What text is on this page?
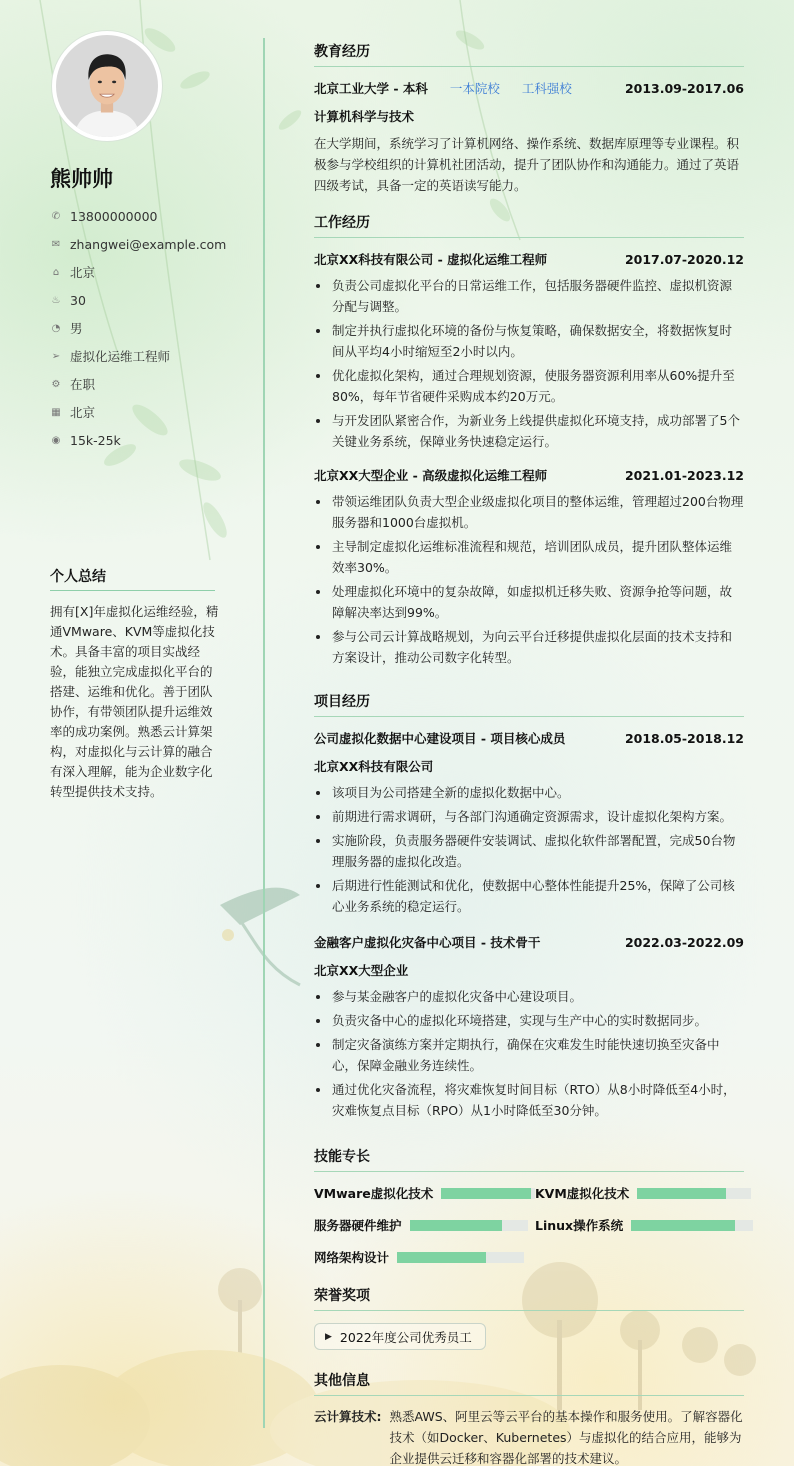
熊帅帅
✆ 13800000000
✉ zhangwei@example.com
⌂ 北京
♨ 30
◔ 男
➢ 虚拟化运维工程师
⚙ 在职
▦ 北京
◉ 15k-25k
个人总结
拥有[X]年虚拟化运维经验，精通VMware、KVM等虚拟化技术。具备丰富的项目实战经验，能独立完成虚拟化平台的搭建、运维和优化。善于团队协作，有带领团队提升运维效率的成功案例。熟悉云计算架构，对虚拟化与云计算的融合有深入理解，能为企业数字化转型提供技术支持。
教育经历
北京工业大学 - 本科 一本院校 工科强校	2013.09-2017.06
计算机科学与技术
在大学期间，系统学习了计算机网络、操作系统、数据库原理等专业课程。积极参与学校组织的计算机社团活动，提升了团队协作和沟通能力。通过了英语四级考试，具备一定的英语读写能力。
工作经历
北京XX科技有限公司 - 虚拟化运维工程师	2017.07-2020.12
负责公司虚拟化平台的日常运维工作，包括服务器硬件监控、虚拟机资源分配与调整。
制定并执行虚拟化环境的备份与恢复策略，确保数据安全，将数据恢复时间从平均4小时缩短至2小时以内。
优化虚拟化架构，通过合理规划资源，使服务器资源利用率从60%提升至80%，每年节省硬件采购成本约20万元。
与开发团队紧密合作，为新业务上线提供虚拟化环境支持，成功部署了5个关键业务系统，保障业务快速稳定运行。
北京XX大型企业 - 高级虚拟化运维工程师	2021.01-2023.12
带领运维团队负责大型企业级虚拟化项目的整体运维，管理超过200台物理服务器和1000台虚拟机。
主导制定虚拟化运维标准流程和规范，培训团队成员，提升团队整体运维效率30%。
处理虚拟化环境中的复杂故障，如虚拟机迁移失败、资源争抢等问题，故障解决率达到99%。
参与公司云计算战略规划，为向云平台迁移提供虚拟化层面的技术支持和方案设计，推动公司数字化转型。
项目经历
公司虚拟化数据中心建设项目 - 项目核心成员	2018.05-2018.12
北京XX科技有限公司
该项目为公司搭建全新的虚拟化数据中心。
前期进行需求调研，与各部门沟通确定资源需求，设计虚拟化架构方案。
实施阶段，负责服务器硬件安装调试、虚拟化软件部署配置，完成50台物理服务器的虚拟化改造。
后期进行性能测试和优化，使数据中心整体性能提升25%，保障了公司核心业务系统的稳定运行。
金融客户虚拟化灾备中心项目 - 技术骨干	2022.03-2022.09
北京XX大型企业
参与某金融客户的虚拟化灾备中心建设项目。
负责灾备中心的虚拟化环境搭建，实现与生产中心的实时数据同步。
制定灾备演练方案并定期执行，确保在灾难发生时能快速切换至灾备中心，保障金融业务连续性。
通过优化灾备流程，将灾难恢复时间目标（RTO）从8小时降低至4小时，灾难恢复点目标（RPO）从1小时降低至30分钟。
技能专长
VMware虚拟化技术	KVM虚拟化技术
服务器硬件维护	Linux操作系统
网络架构设计
荣誉奖项
▶ 2022年度公司优秀员工
其他信息
云计算技术: 熟悉AWS、阿里云等云平台的基本操作和服务使用。了解容器化技术（如Docker、Kubernetes）与虚拟化的结合应用，能够为企业提供云迁移和容器化部署的技术建议。
